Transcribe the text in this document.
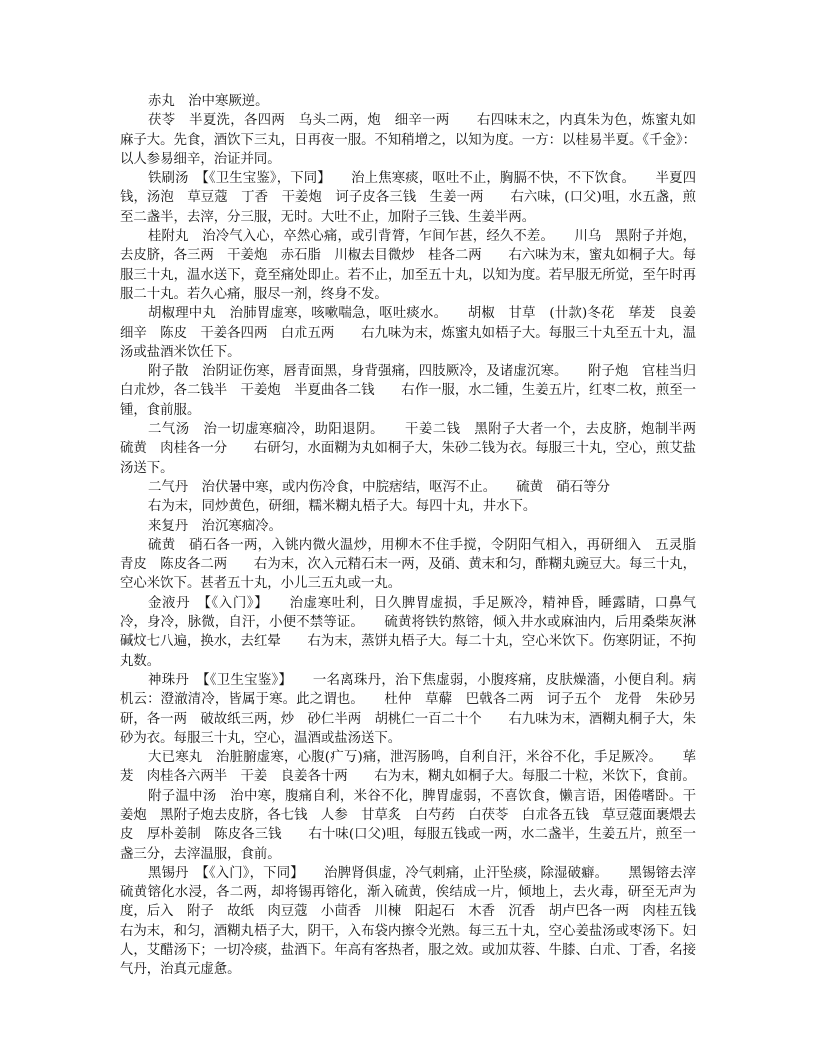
赤丸　治中寒厥逆。

茯苓　半夏洗，各四两　乌头二两，炮　细辛一两　　右四味末之，内真朱为色，炼蜜丸如麻子大。先食，酒饮下三丸，日再夜一服。不知稍增之，以知为度。一方：以桂易半夏。《千金》：以人参易细辛，治证并同。

铁刷汤　【《卫生宝鉴》，下同】　　治上焦寒痰，呕吐不止，胸膈不快，不下饮食。　　半夏四钱，汤泡　草豆蔻　丁香　干姜炮　诃子皮各三钱　生姜一两　　右六味，(口父)咀，水五盏，煎至二盏半，去滓，分三服，无时。大吐不止，加附子三钱、生姜半两。

桂附丸　治冷气入心，卒然心痛，或引背膂，乍间乍甚，经久不差。　　川乌　黑附子并炮，去皮脐，各三两　干姜炮　赤石脂　川椒去目微炒　桂各二两　　右六味为末，蜜丸如桐子大。每服三十丸，温水送下，竟至痛处即止。若不止，加至五十丸，以知为度。若早服无所觉，至午时再服二十丸。若久心痛，服尽一剂，终身不发。

胡椒理中丸　治肺胃虚寒，咳嗽喘急，呕吐痰水。　　胡椒　甘草　(卄款)冬花　荜茇　良姜　细辛　陈皮　干姜各四两　白朮五两　　右九味为末，炼蜜丸如梧子大。每服三十丸至五十丸，温汤或盐酒米饮任下。

附子散　治阴证伤寒，唇青面黑，身背强痛，四肢厥冷，及诸虚沉寒。　　附子炮　官桂当归　白朮炒，各二钱半　干姜炮　半夏曲各二钱　　右作一服，水二锺，生姜五片，红枣二枚，煎至一锺，食前服。

二气汤　治一切虚寒痼冷，助阳退阴。　　干姜二钱　黑附子大者一个，去皮脐，炮制半两　硫黄　肉桂各一分　　右研匀，水面糊为丸如桐子大，朱砂二钱为衣。每服三十丸，空心，煎艾盐汤送下。

二气丹　治伏暑中寒，或内伤冷食，中脘痞结，呕泻不止。　　硫黄　硝石等分

右为末，同炒黄色，研细，糯米糊丸梧子大。每四十丸，井水下。

来复丹　治沉寒痼冷。

硫黄　硝石各一两，入铫内微火温炒，用柳木不住手搅，令阴阳气相入，再研细入　五灵脂　青皮　陈皮各二两　　右为末，次入元精石末一两，及硝、黄末和匀，酢糊丸豌豆大。每三十丸，空心米饮下。甚者五十丸，小儿三五丸或一丸。

金液丹　【《入门》】　　治虚寒吐利，日久脾胃虚损，手足厥冷，精神昏，睡露睛，口鼻气冷，身冷，脉微，自汗，小便不禁等证。　　硫黄将铁钓熬镕，倾入井水或麻油内，后用桑柴灰淋碱炆七八遍，换水，去红晕　　右为末，蒸饼丸梧子大。每二十丸，空心米饮下。伤寒阴证，不拘丸数。

神珠丹　【《卫生宝鉴》】　　一名离珠丹，治下焦虚弱，小腹疼痛，皮肤燥濇，小便自利。病机云：澄澈清冷，皆属于寒。此之谓也。　　杜仲　草薢　巴戟各二两　诃子五个　龙骨　朱砂另研，各一两　破故纸三两，炒　砂仁半两　胡桃仁一百二十个　　右九味为末，酒糊丸桐子大，朱砂为衣。每服三十丸，空心，温酒或盐汤送下。

大已寒丸　治脏腑虚寒，心腹(疒丂)痛，泄泻肠鸣，自利自汗，米谷不化，手足厥冷。　　荜茇　肉桂各六两半　干姜　良姜各十两　　右为末，糊丸如桐子大。每服二十粒，米饮下，食前。

附子温中汤　治中寒，腹痛自利，米谷不化，脾胃虚弱，不喜饮食，懒言语，困倦嗜卧。干姜炮　黑附子炮去皮脐，各七钱　人参　甘草炙　白芍药　白茯苓　白朮各五钱　草豆蔻面裹煨去皮　厚朴姜制　陈皮各三钱　　右十味(口父)咀，每服五钱或一两，水二盏半，生姜五片，煎至一盏三分，去滓温服，食前。

黑锡丹　【《入门》，下同】　　治脾肾俱虚，冷气刺痛，止汗坠痰，除湿破癖。　　黑锡镕去滓　硫黄镕化水浸，各二两，却将锡再镕化，渐入硫黄，俟结成一片，倾地上，去火毒，研至无声为度，后入　附子　故纸　肉豆蔻　小茴香　川楝　阳起石　木香　沉香　胡卢巴各一两　肉桂五钱　　右为末，和匀，酒糊丸梧子大，阴干，入布袋内擦令光熟。每三五十丸，空心姜盐汤或枣汤下。妇人，艾醋汤下；一切冷痰，盐酒下。年高有客热者，服之效。或加苁蓉、牛膝、白朮、丁香，名接气丹，治真元虚惫。
